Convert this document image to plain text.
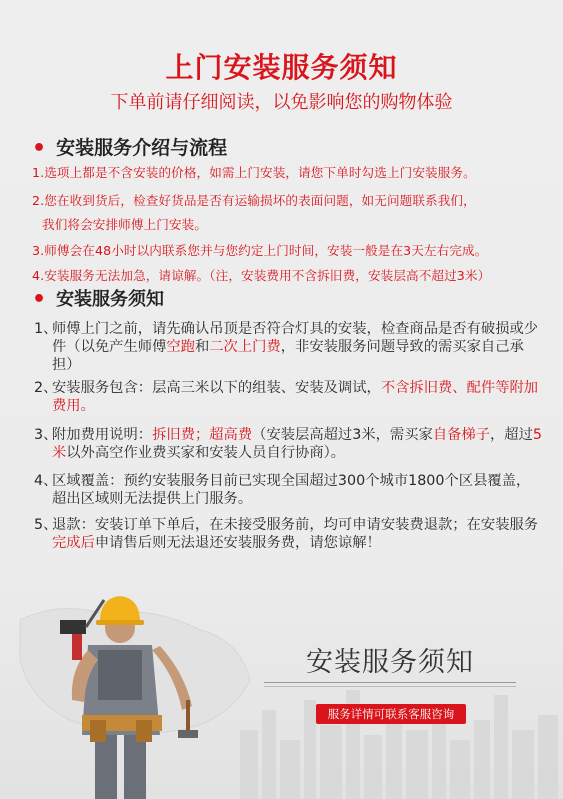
上门安装服务须知
下单前请仔细阅读，以免影响您的购物体验
• 安装服务介绍与流程
1.选项上都是不含安装的价格，如需上门安装，请您下单时勾选上门安装服务。
2.您在收到货后，检查好货品是否有运输损坏的表面问题，如无问题联系我们，
我们将会安排师傅上门安装。
3.师傅会在48小时以内联系您并与您约定上门时间，安装一般是在3天左右完成。
4.安装服务无法加急，请谅解。（注，安装费用不含拆旧费，安装层高不超过3米）
• 安装服务须知
1、
师傅上门之前，请先确认吊顶是否符合灯具的安装，检查商品是否有破损或少件（以免产生师傅空跑和二次上门费，非安装服务问题导致的需买家自己承担）
2、
安装服务包含：层高三米以下的组装、安装及调试，不含拆旧费、配件等附加费用。
3、
附加费用说明：拆旧费；超高费（安装层高超过3米，需买家自备梯子，超过5米以外高空作业费买家和安装人员自行协商）。
4、
区域覆盖：预约安装服务目前已实现全国超过300个城市1800个区县覆盖，超出区域则无法提供上门服务。
5、
退款：安装订单下单后，在未接受服务前，均可申请安装费退款；在安装服务完成后申请售后则无法退还安装服务费，请您谅解！
安装服务须知
服务详情可联系客服咨询
